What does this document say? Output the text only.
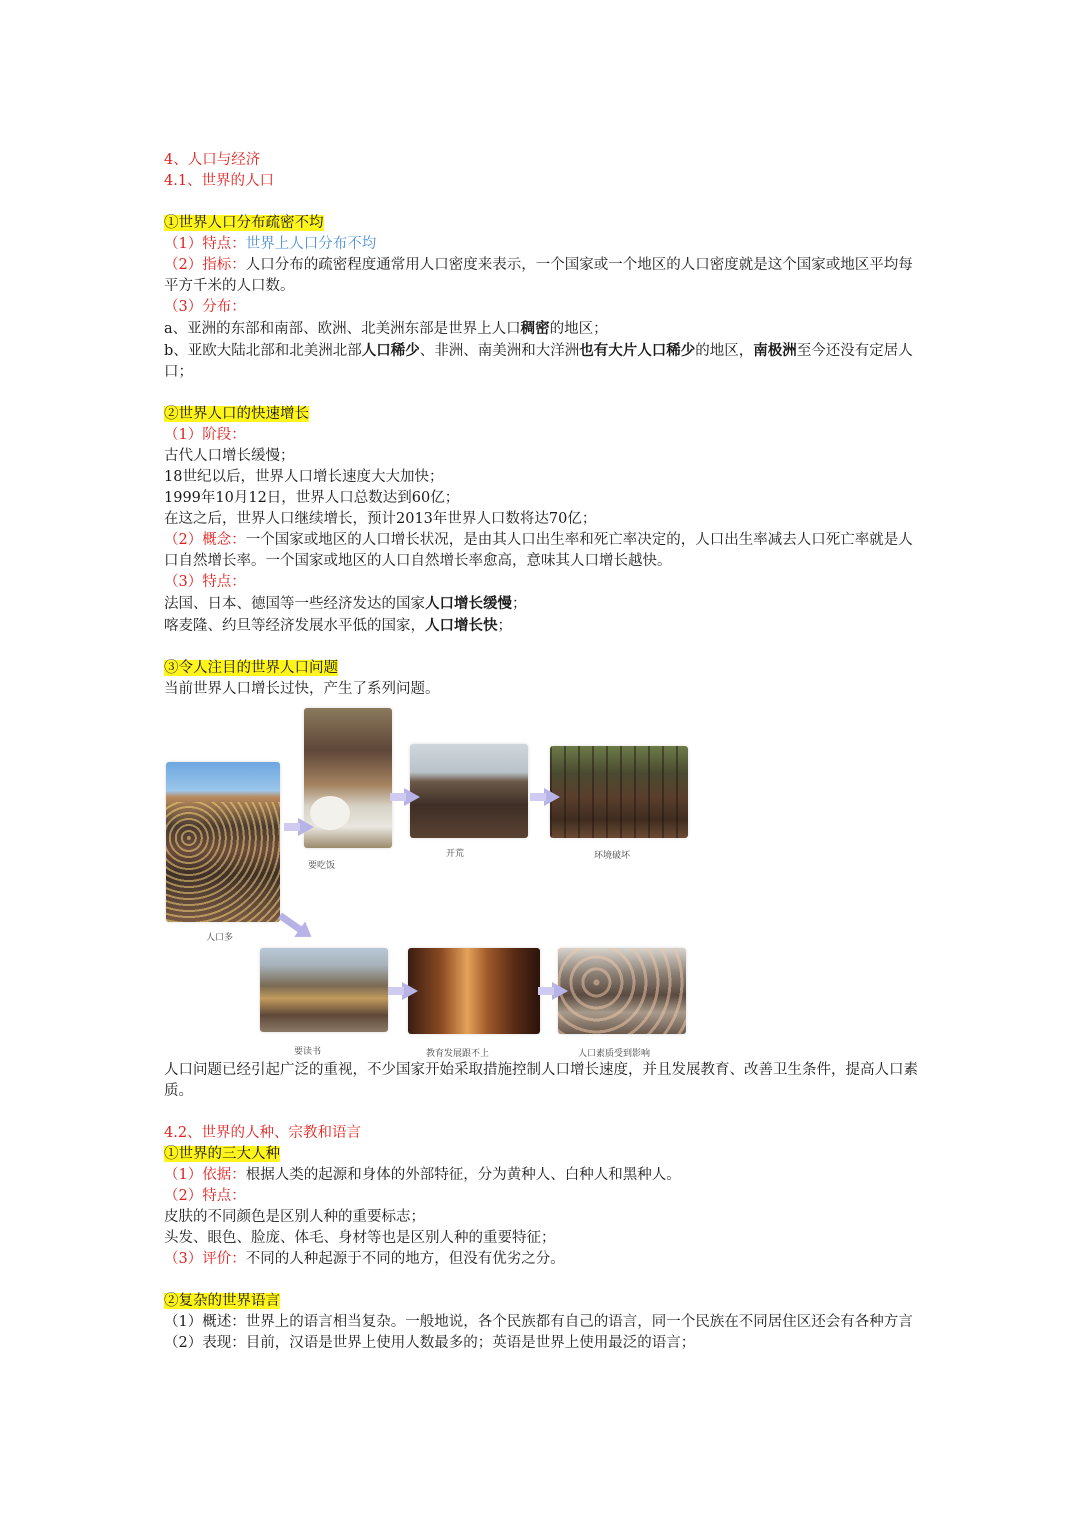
4、人口与经济
4.1、世界的人口
①世界人口分布疏密不均
（1）特点：世界上人口分布不均
（2）指标：人口分布的疏密程度通常用人口密度来表示，一个国家或一个地区的人口密度就是这个国家或地区平均每平方千米的人口数。
（3）分布：
a、亚洲的东部和南部、欧洲、北美洲东部是世界上人口稠密的地区；
b、亚欧大陆北部和北美洲北部人口稀少、非洲、南美洲和大洋洲也有大片人口稀少的地区，南极洲至今还没有定居人口；
②世界人口的快速增长
（1）阶段：
古代人口增长缓慢；
18世纪以后，世界人口增长速度大大加快；
1999年10月12日，世界人口总数达到60亿；
在这之后，世界人口继续增长，预计2013年世界人口数将达70亿；
（2）概念：一个国家或地区的人口增长状况，是由其人口出生率和死亡率决定的，人口出生率减去人口死亡率就是人口自然增长率。一个国家或地区的人口自然增长率愈高，意味其人口增长越快。
（3）特点：
法国、日本、德国等一些经济发达的国家人口增长缓慢；
喀麦隆、约旦等经济发展水平低的国家，人口增长快；
③令人注目的世界人口问题
当前世界人口增长过快，产生了系列问题。
人口多
要吃饭
开荒	环境破坏
要读书	教育发展跟不上	人口素质受到影响
人口问题已经引起广泛的重视，不少国家开始采取措施控制人口增长速度，并且发展教育、改善卫生条件，提高人口素质。
4.2、世界的人种、宗教和语言
①世界的三大人种
（1）依据：根据人类的起源和身体的外部特征，分为黄种人、白种人和黑种人。
（2）特点：
皮肤的不同颜色是区别人种的重要标志；
头发、眼色、脸庞、体毛、身材等也是区别人种的重要特征；
（3）评价：不同的人种起源于不同的地方，但没有优劣之分。
②复杂的世界语言
（1）概述：世界上的语言相当复杂。一般地说，各个民族都有自己的语言，同一个民族在不同居住区还会有各种方言
（2）表现：目前，汉语是世界上使用人数最多的；英语是世界上使用最泛的语言；
